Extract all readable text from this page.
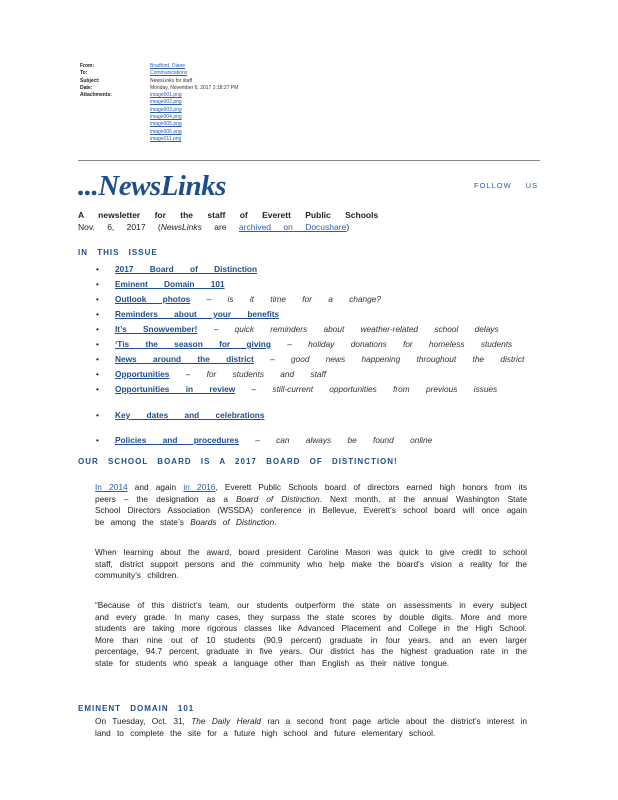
From:	Bradford, Diane
To:	Communications
Subject:	NewsLinks for staff
Date:	Monday, November 6, 2017 2:18:27 PM
Attachments:	image001.png
image002.png
image003.png
image004.png
image005.png
image006.png
image011.png
...NewsLinks	FOLLOW US
A newsletter for the staff of Everett Public Schools
Nov. 6, 2017 (NewsLinks are archived on Docushare)
IN THIS ISSUE
• 2017 Board of Distinction
• Eminent Domain 101
• Outlook photos – is it time for a change?
• Reminders about your benefits
• It’s Snowvember! – quick reminders about weather-related school delays
• ‘Tis the season for giving – holiday donations for homeless students
• News around the district – good news happening throughout the district
• Opportunities – for students and staff
• Opportunities in review – still-current opportunities from previous issues
• Key dates and celebrations
• Policies and procedures – can always be found online
OUR SCHOOL BOARD IS A 2017 BOARD OF DISTINCTION!
In 2014 and again in 2016, Everett Public Schools board of directors earned high honors from its peers – the designation as a Board of Distinction. Next month, at the annual Washington State School Directors Association (WSSDA) conference in Bellevue, Everett’s school board will once again be among the state’s Boards of Distinction.
When learning about the award, board president Caroline Mason was quick to give credit to school staff, district support persons and the community who help make the board’s vision a reality for the community’s children.
“Because of this district’s team, our students outperform the state on assessments in every subject and every grade. In many cases, they surpass the state scores by double digits. More and more students are taking more rigorous classes like Advanced Placement and College in the High School. More than nine out of 10 students (90.9 percent) graduate in four years, and an even larger percentage, 94.7 percent, graduate in five years. Our district has the highest graduation rate in the state for students who speak a language other than English as their native tongue.
EMINENT DOMAIN 101
On Tuesday, Oct. 31, The Daily Herald ran a second front page article about the district’s interest in land to complete the site for a future high school and future elementary school.
